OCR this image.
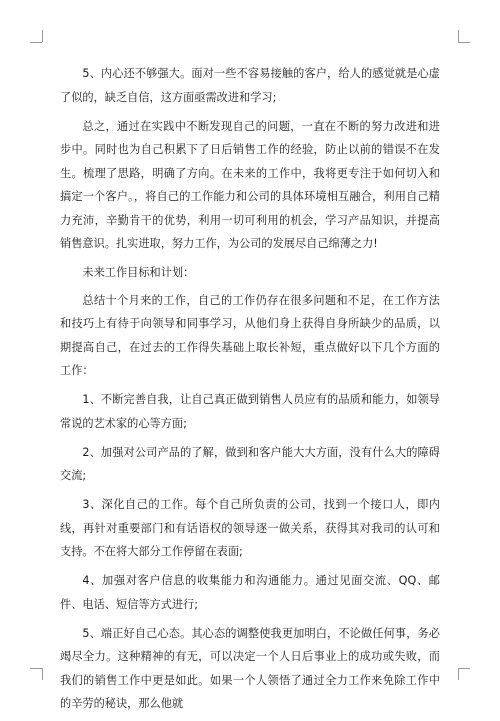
5、内心还不够强大。面对一些不容易接触的客户，给人的感觉就是心虚了似的，缺乏自信，这方面亟需改进和学习;

总之，通过在实践中不断发现自己的问题，一直在不断的努力改进和进步中。同时也为自己积累下了日后销售工作的经验，防止以前的错误不在发生。梳理了思路，明确了方向。在未来的工作中，我将更专注于如何切入和搞定一个客户。，将自己的工作能力和公司的具体环境相互融合，利用自己精力充沛，辛勤肯干的优势，利用一切可利用的机会，学习产品知识，并提高销售意识。扎实进取，努力工作，为公司的发展尽自己绵薄之力!

未来工作目标和计划：

总结十个月来的工作，自己的工作仍存在很多问题和不足，在工作方法和技巧上有待于向领导和同事学习，从他们身上获得自身所缺少的品质，以期提高自己，在过去的工作得失基础上取长补短，重点做好以下几个方面的工作：

1、不断完善自我，让自己真正做到销售人员应有的品质和能力，如领导常说的艺术家的心等方面;

2、加强对公司产品的了解，做到和客户能大大方面，没有什么大的障碍交流;

3、深化自己的工作。每个自己所负责的公司，找到一个接口人，即内线，再针对重要部门和有话语权的领导逐一做关系，获得其对我司的认可和支持。不在将大部分工作停留在表面;

4、加强对客户信息的收集能力和沟通能力。通过见面交流、QQ、邮件、电话、短信等方式进行;

5、端正好自己心态。其心态的调整使我更加明白，不论做任何事，务必竭尽全力。这种精神的有无，可以决定一个人日后事业上的成功或失败，而我们的销售工作中更是如此。如果一个人领悟了通过全力工作来免除工作中的辛劳的秘诀，那么他就
